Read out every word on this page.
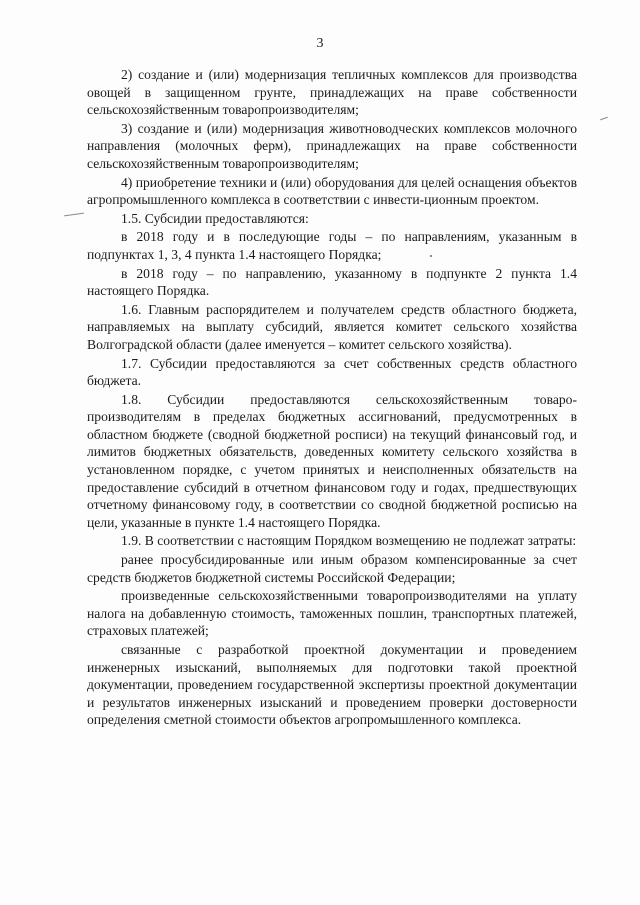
3

2) создание и (или) модернизация тепличных комплексов для производства овощей в защищенном грунте, принадлежащих на праве собственности сельскохозяйственным товаропроизводителям;

3) создание и (или) модернизация животноводческих комплексов молочного направления (молочных ферм), принадлежащих на праве собственности сельскохозяйственным товаропроизводителям;

4) приобретение техники и (или) оборудования для целей оснащения объектов агропромышленного комплекса в соответствии с инвести-ционным проектом.

1.5. Субсидии предоставляются:

в 2018 году и в последующие годы – по направлениям, указанным в подпунктах 1, 3, 4 пункта 1.4 настоящего Порядка;

в 2018 году – по направлению, указанному в подпункте 2 пункта 1.4 настоящего Порядка.

1.6. Главным распорядителем и получателем средств областного бюджета, направляемых на выплату субсидий, является комитет сельского хозяйства Волгоградской области (далее именуется – комитет сельского хозяйства).

1.7. Субсидии предоставляются за счет собственных средств областного бюджета.

1.8. Субсидии предоставляются сельскохозяйственным товаро-производителям в пределах бюджетных ассигнований, предусмотренных в областном бюджете (сводной бюджетной росписи) на текущий финансовый год, и лимитов бюджетных обязательств, доведенных комитету сельского хозяйства в установленном порядке, с учетом принятых и неисполненных обязательств на предоставление субсидий в отчетном финансовом году и годах, предшествующих отчетному финансовому году, в соответствии со сводной бюджетной росписью на цели, указанные в пункте 1.4 настоящего Порядка.

1.9. В соответствии с настоящим Порядком возмещению не подлежат затраты:

ранее просубсидированные или иным образом компенсированные за счет средств бюджетов бюджетной системы Российской Федерации;

произведенные сельскохозяйственными товаропроизводителями на уплату налога на добавленную стоимость, таможенных пошлин, транспортных платежей, страховых платежей;

связанные с разработкой проектной документации и проведением инженерных изысканий, выполняемых для подготовки такой проектной документации, проведением государственной экспертизы проектной документации и результатов инженерных изысканий и проведением проверки достоверности определения сметной стоимости объектов агропромышленного комплекса.
